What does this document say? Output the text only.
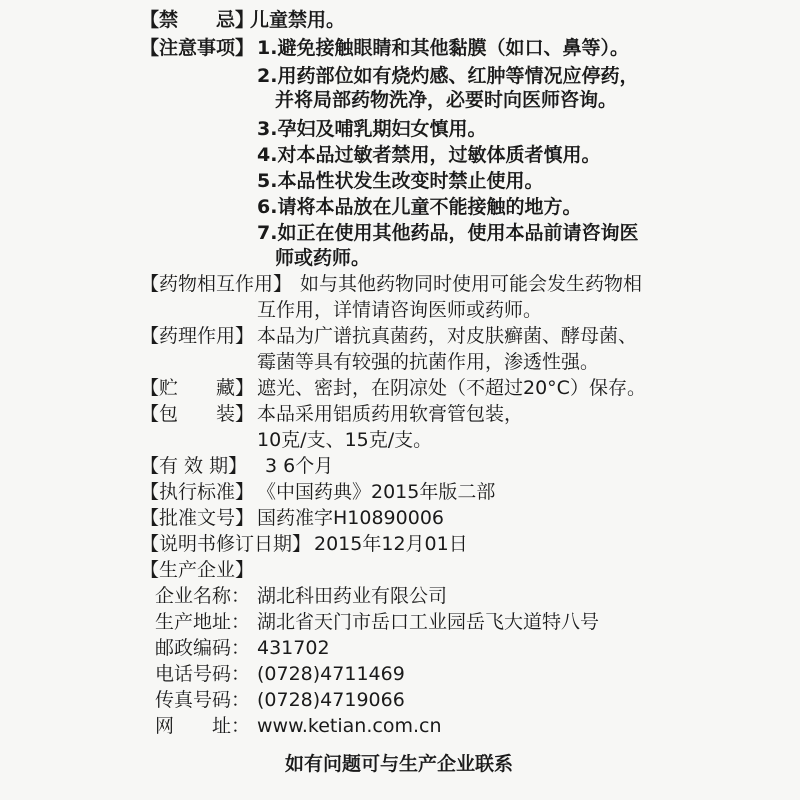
【禁　　忌】
儿童禁用。
【注意事项】 1.避免接触眼睛和其他黏膜（如口、鼻等）。
2.用药部位如有烧灼感、红肿等情况应停药，
并将局部药物洗净，必要时向医师咨询。
3.孕妇及哺乳期妇女慎用。
4.对本品过敏者禁用，过敏体质者慎用。
5.本品性状发生改变时禁止使用。
6.请将本品放在儿童不能接触的地方。
7.如正在使用其他药品，使用本品前请咨询医
师或药师。
【药物相互作用】 如与其他药物同时使用可能会发生药物相
互作用，详情请咨询医师或药师。
【药理作用】 本品为广谱抗真菌药，对皮肤癣菌、酵母菌、
霉菌等具有较强的抗菌作用，渗透性强。
【贮　　藏】 遮光、密封，在阴凉处（不超过20°C）保存。
【包　　装】 本品采用铝质药用软膏管包装，
10克/支、15克/支。
【有 效 期】 3 6个月
【执行标准】 《中国药典》2015年版二部
【批准文号】 国药准字H10890006
【说明书修订日期】 2015年12月01日
【生产企业】
企业名称： 湖北科田药业有限公司
生产地址： 湖北省天门市岳口工业园岳飞大道特八号
邮政编码： 431702
电话号码： (0728)4711469
传真号码： (0728)4719066
网　　址： www.ketian.com.cn
如有问题可与生产企业联系
